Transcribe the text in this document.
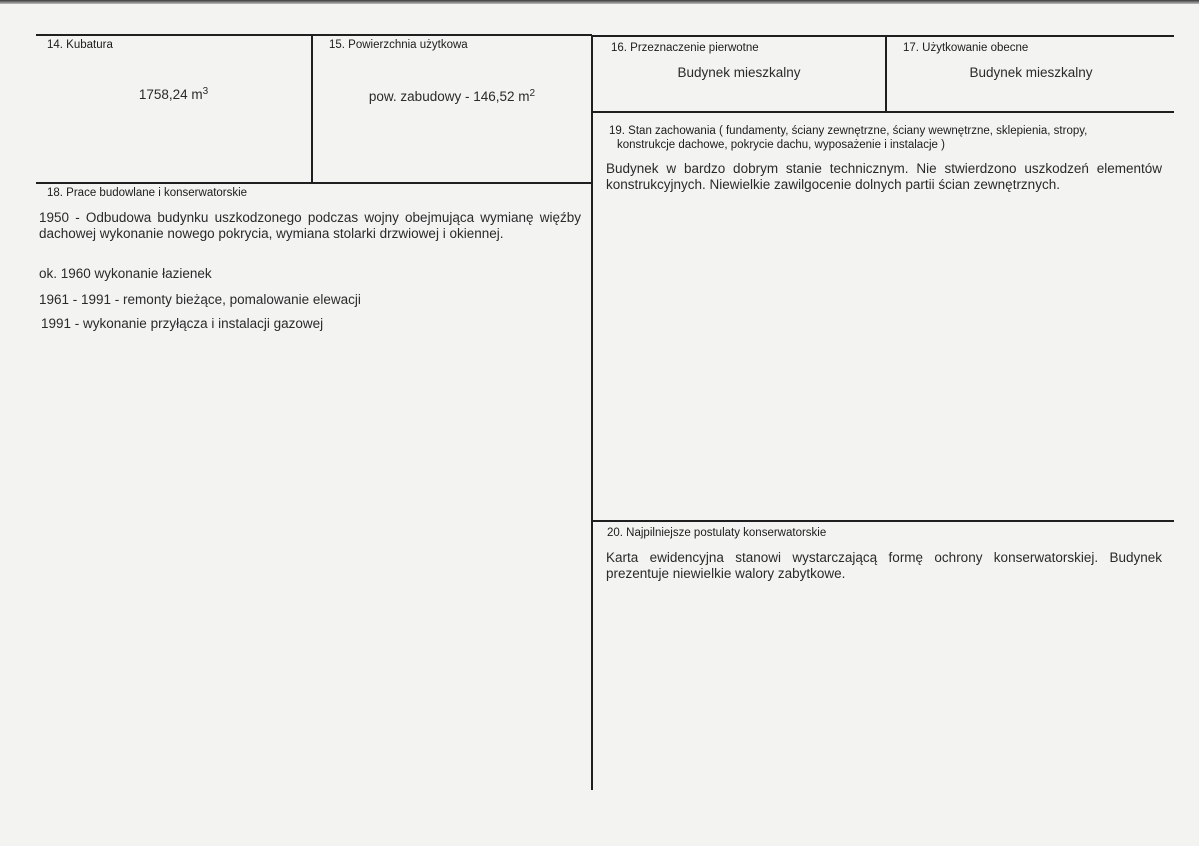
14. Kubatura
1758,24 $m^3$
15. Powierzchnia użytkowa
pow. zabudowy - 146,52 $m^2$
16. Przeznaczenie pierwotne
Budynek mieszkalny
17. Użytkowanie obecne
Budynek mieszkalny
18. Prace budowlane i konserwatorskie

1950 - Odbudowa budynku uszkodzonego podczas wojny obejmująca wymianę więźby dachowej wykonanie nowego pokrycia, wymiana stolarki drzwiowej i okiennej.

ok. 1960 wykonanie łazienek

1961 - 1991 - remonty bieżące, pomalowanie elewacji

1991 - wykonanie przyłącza i instalacji gazowej

19. Stan zachowania ( fundamenty, ściany zewnętrzne, ściany wewnętrzne, sklepienia, stropy,
konstrukcje dachowe, pokrycie dachu, wyposażenie i instalacje )

Budynek w bardzo dobrym stanie technicznym. Nie stwierdzono uszkodzeń elementów konstrukcyjnych. Niewielkie zawilgocenie dolnych partii ścian zewnętrznych.

20. Najpilniejsze postulaty konserwatorskie

Karta ewidencyjna stanowi wystarczającą formę ochrony konserwatorskiej. Budynek prezentuje niewielkie walory zabytkowe.
